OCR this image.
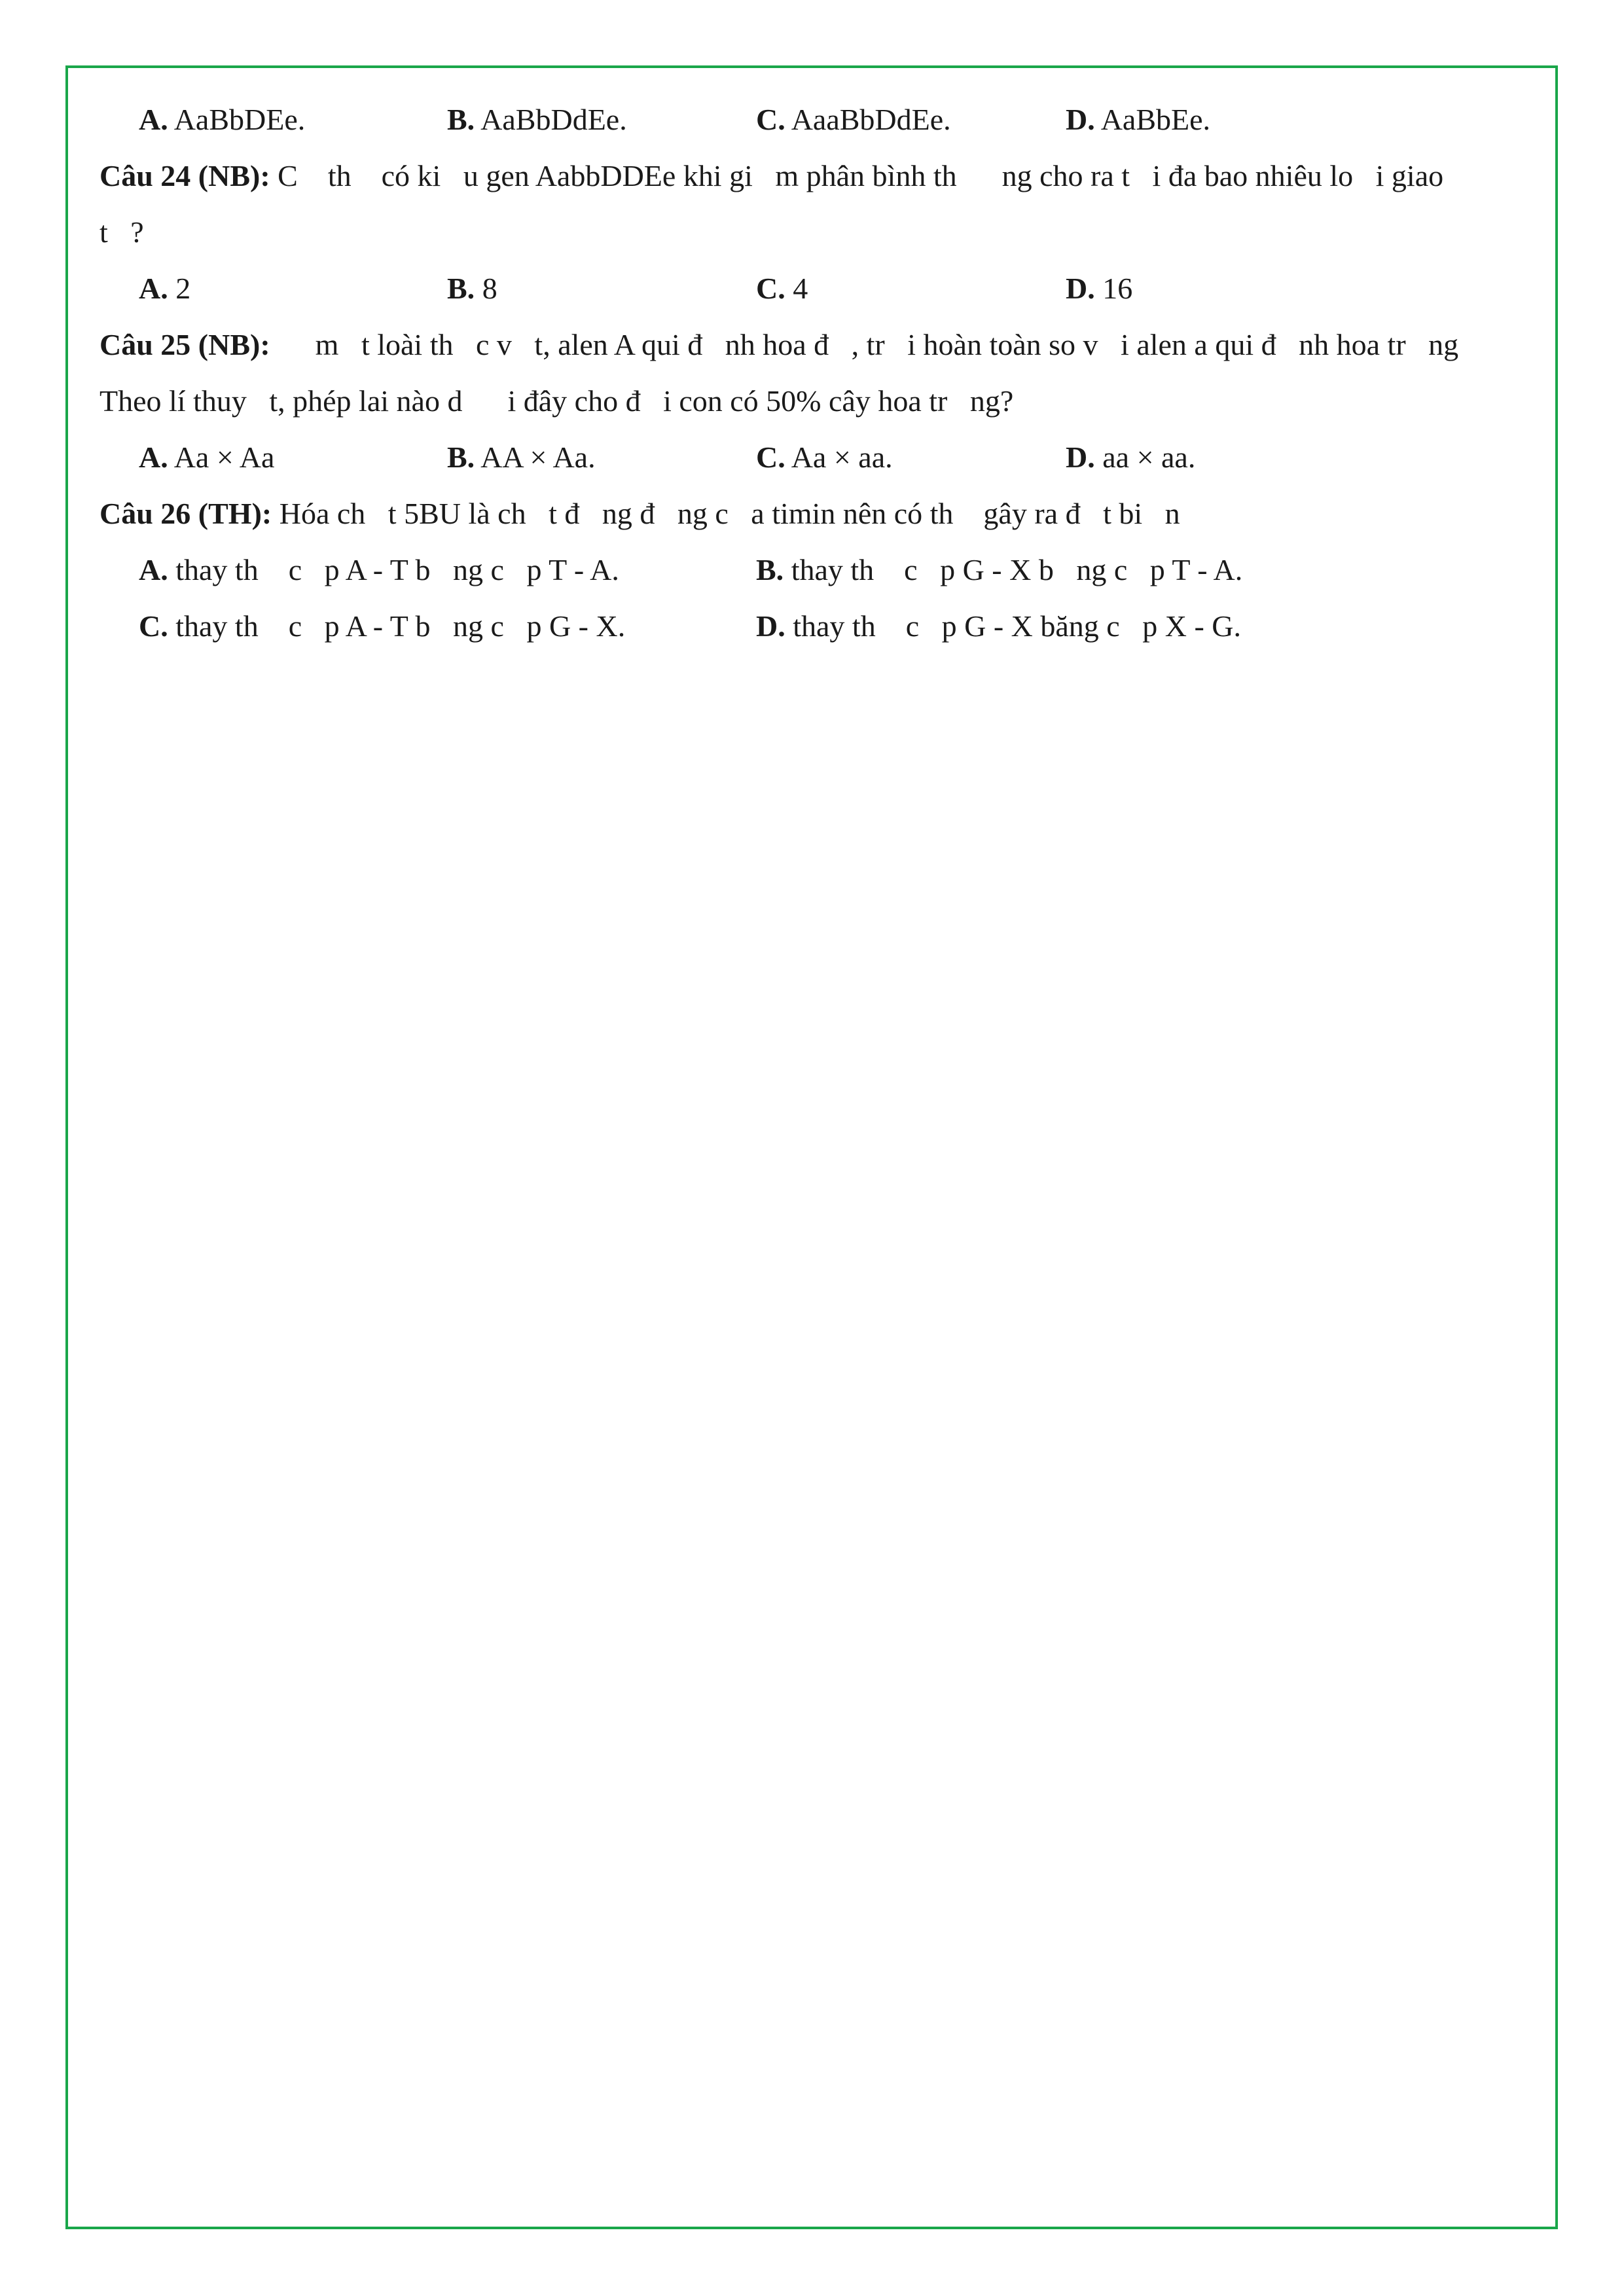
A. AaBbDEe.

	B. AaBbDdEe.

	C. AaaBbDdEe.

	D. AaBbEe.

Câu 24 (NB): C    th    có ki   u gen AabbDDEe khi gi   m phân bình th      ng cho ra t   i đa bao nhiêu lo   i giao
t   ?

A. 2

	B. 8

	C. 4

	D. 16

Câu 25 (NB):      m   t loài th   c v   t, alen A qui đ   nh hoa đ   , tr   i hoàn toàn so v   i alen a qui đ   nh hoa tr   ng
Theo lí thuy   t, phép lai nào d      i đây cho đ   i con có 50% cây hoa tr   ng?

A. Aa × Aa

	B. AA × Aa.

	C. Aa × aa.

	D. aa × aa.

Câu 26 (TH): Hóa ch   t 5BU là ch   t đ   ng đ   ng c   a timin nên có th    gây ra đ   t bi   n

A. thay th    c   p A - T b   ng c   p T - A.

	B. thay th    c   p G - X b   ng c   p T - A.

C. thay th    c   p A - T b   ng c   p G - X.

	D. thay th    c   p G - X băng c   p X - G.
